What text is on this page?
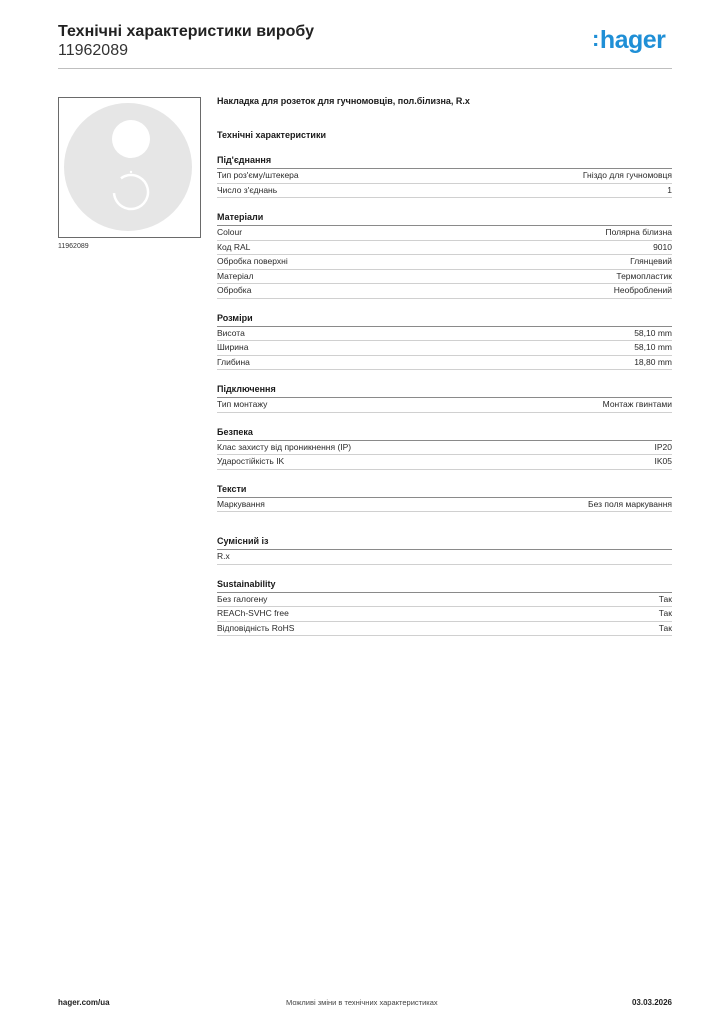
Технічні характеристики виробу
11962089	:hager
11962089
Накладка для розеток для гучномовців, пол.білизна, R.x
Технічні характеристики
Під'єднання
Тип роз'єму/штекера	Гніздо для гучномовця
Число з'єднань	1
Матеріали
Colour	Полярна білизна
Код RAL	9010
Обробка поверхні	Глянцевий
Матеріал	Термопластик
Обробка	Необроблений
Розміри
Висота	58,10 mm
Ширина	58,10 mm
Глибина	18,80 mm
Підключення
Тип монтажу	Монтаж гвинтами
Безпека
Клас захисту від проникнення (IP)	IP20
Ударостійкість IK	IK05
Тексти
Маркування	Без поля маркування
Сумісний із
R.x
Sustainability
Без галогену	Так
REACh-SVHC free	Так
Відповідність RoHS	Так
hager.com/ua	Можливі зміни в технічних характеристиках	03.03.2026
